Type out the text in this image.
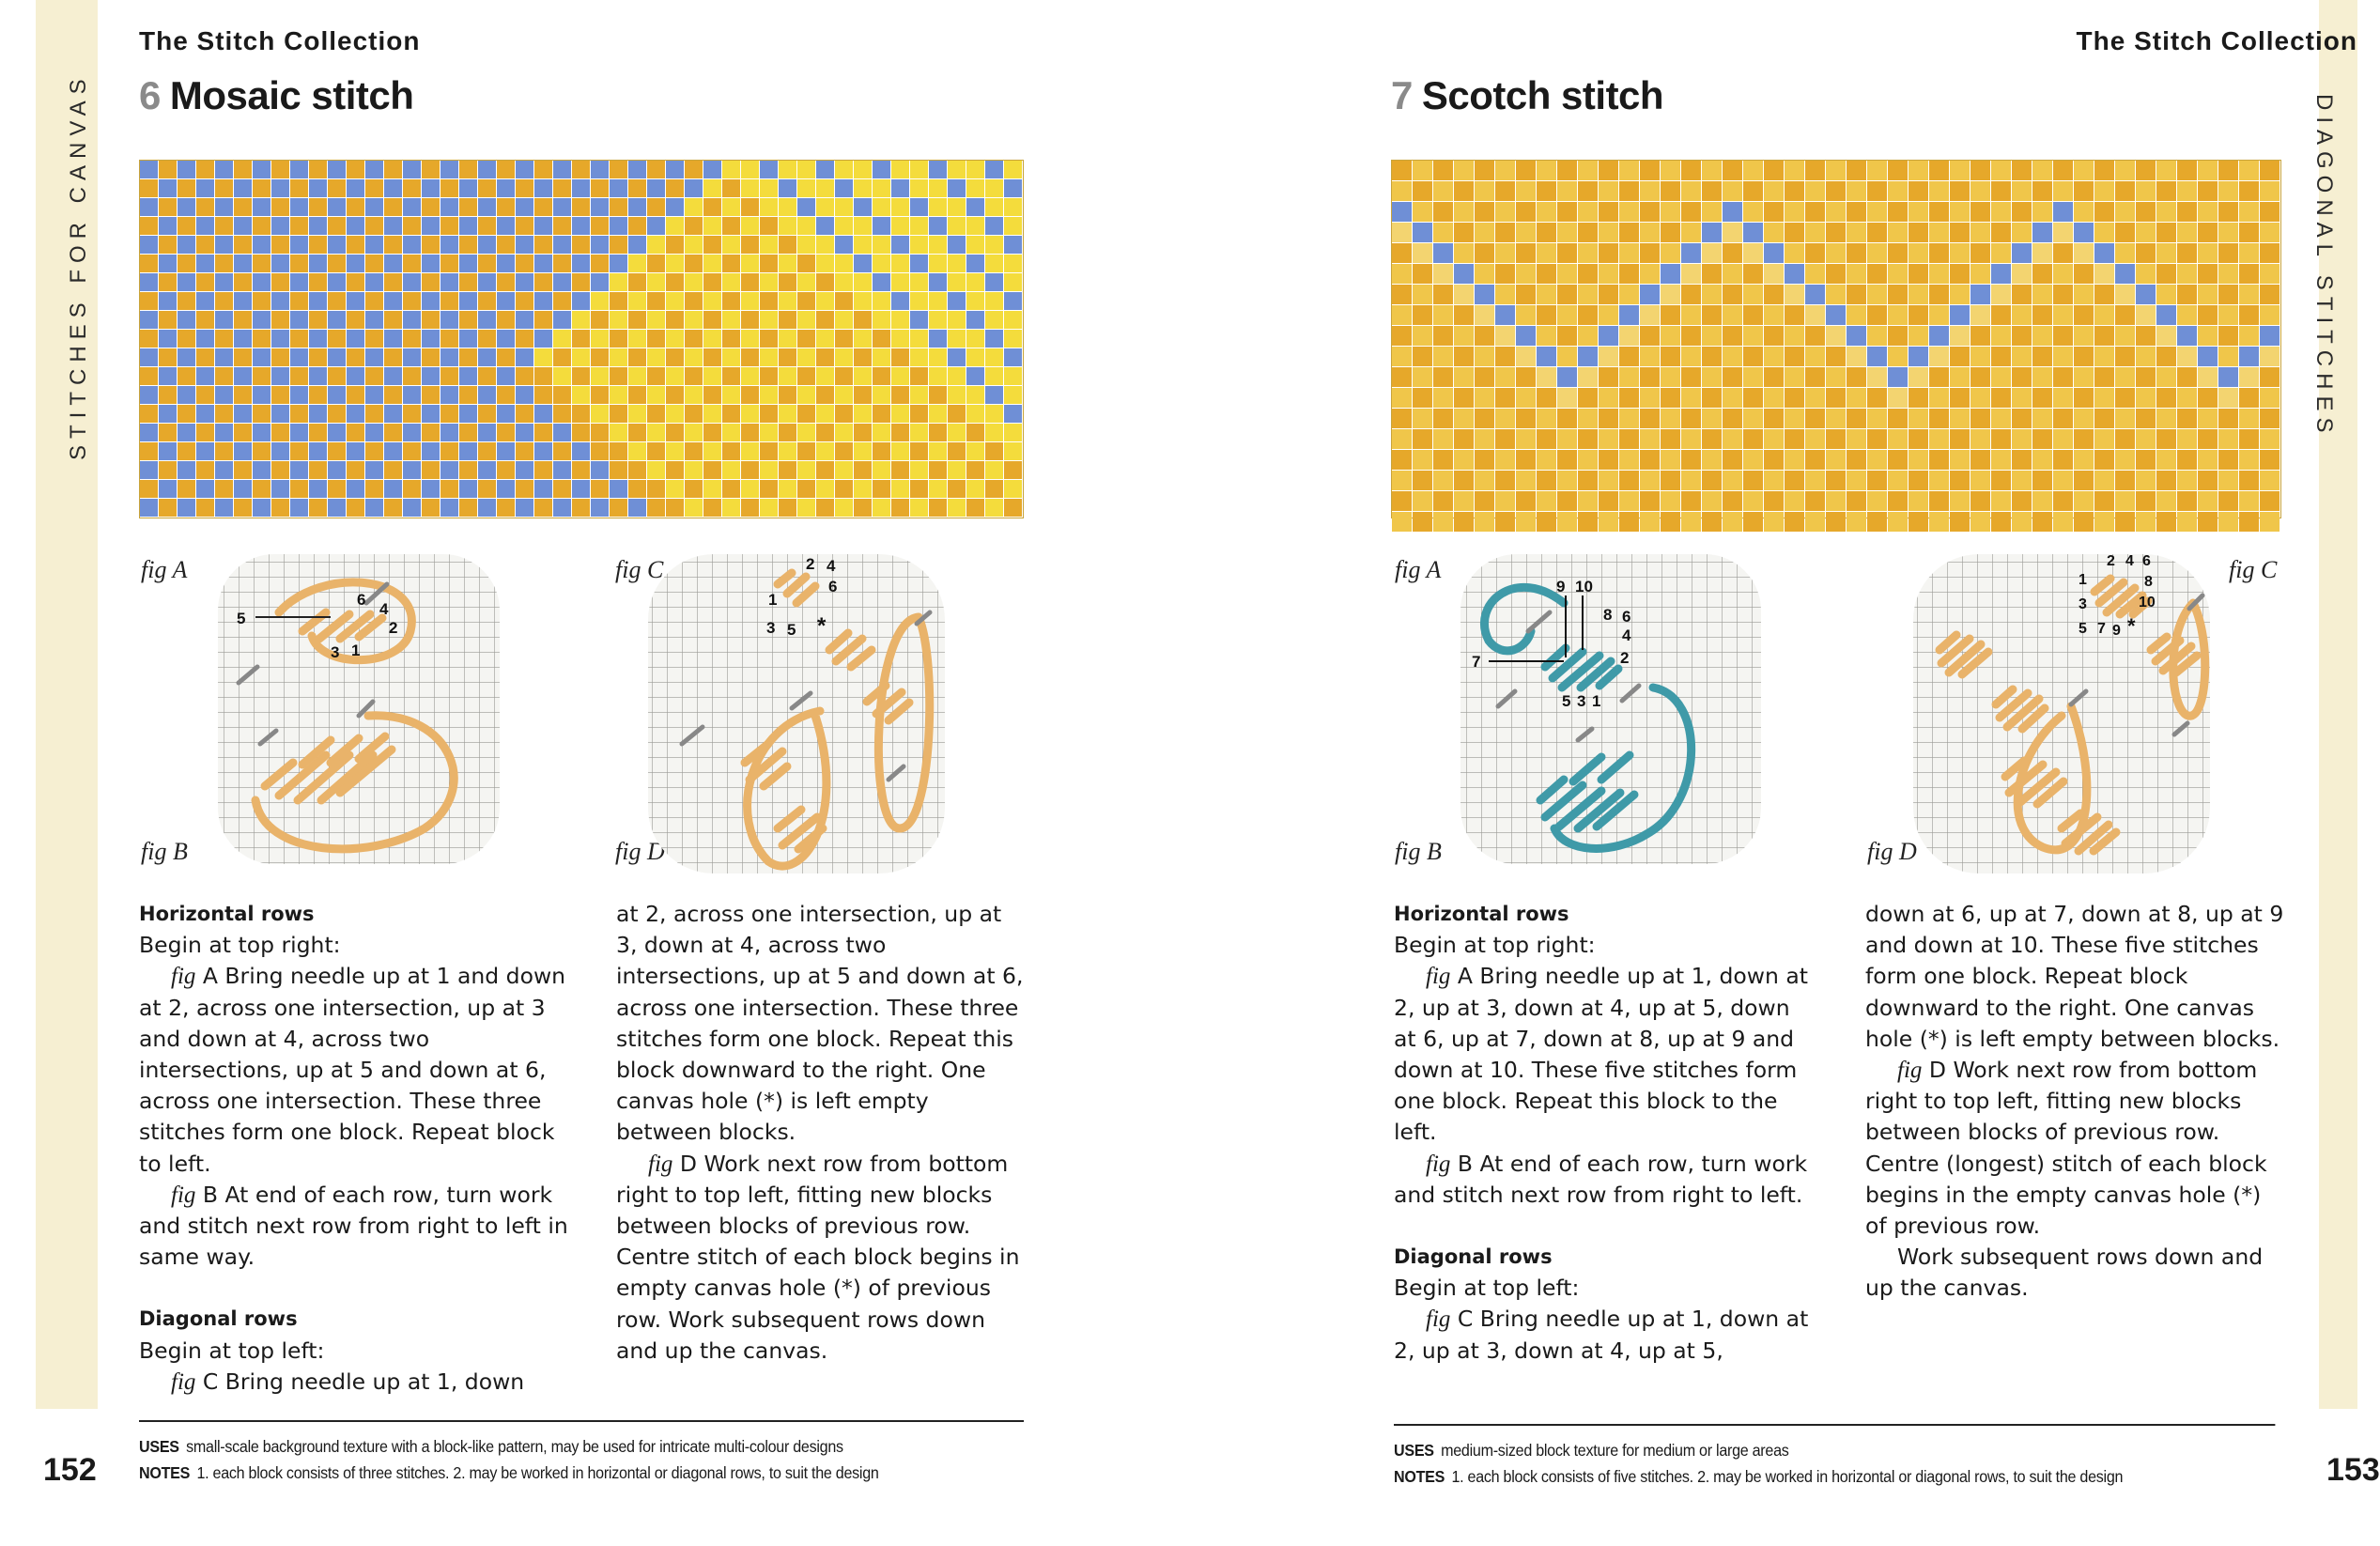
STITCHES FOR CANVAS
The Stitch Collection
6 Mosaic stitch
fig A
fig B
fig C
fig D
5
6
4
2
3 1
2 4
6
1
3 5 *

Horizontal rows

Begin at top right:

fig A Bring needle up at 1 and down at 2, across one intersection, up at 3 and down at 4, across two intersections, up at 5 and down at 6, across one intersection. These three stitches form one block. Repeat block to left.

fig B At end of each row, turn work and stitch next row from right to left in same way.

Diagonal rows

Begin at top left:

fig C Bring needle up at 1, down

at 2, across one intersection, up at 3, down at 4, across two intersections, up at 5 and down at 6, across one intersection. These three stitches form one block. Repeat this block downward to the right. One canvas hole (*) is left empty between blocks.

fig D Work next row from bottom right to top left, fitting new blocks between blocks of previous row. Centre stitch of each block begins in empty canvas hole (*) of previous row. Work subsequent rows down and up the canvas.

USES small-scale background texture with a block-like pattern, may be used for intricate multi-colour designs
NOTES 1. each block consists of three stitches. 2. may be worked in horizontal or diagonal rows, to suit the design
152
DIAGONAL STITCHES
The Stitch Collection
7 Scotch stitch
fig A
fig B
fig C
fig D
9 10
8 6
4
2
7
5 3 1
2 4 6
8
10
1
3
5 7 9 *

Horizontal rows

Begin at top right:

fig A Bring needle up at 1, down at 2, up at 3, down at 4, up at 5, down at 6, up at 7, down at 8, up at 9 and down at 10. These five stitches form one block. Repeat this block to the left.

fig B At end of each row, turn work and stitch next row from right to left.

Diagonal rows

Begin at top left:

fig C Bring needle up at 1, down at 2, up at 3, down at 4, up at 5,

down at 6, up at 7, down at 8, up at 9 and down at 10. These five stitches form one block. Repeat block downward to the right. One canvas hole (*) is left empty between blocks.

fig D Work next row from bottom right to top left, fitting new blocks between blocks of previous row. Centre (longest) stitch of each block begins in the empty canvas hole (*) of previous row.

Work subsequent rows down and up the canvas.

USES medium-sized block texture for medium or large areas
NOTES 1. each block consists of five stitches. 2. may be worked in horizontal or diagonal rows, to suit the design	153
